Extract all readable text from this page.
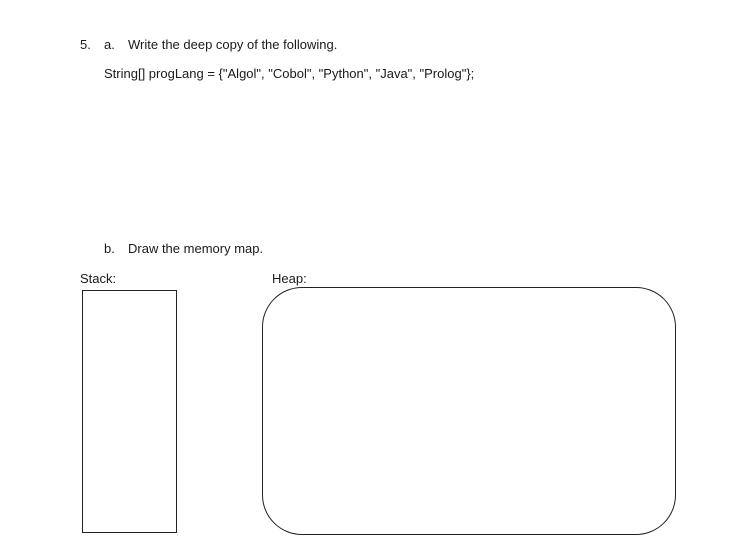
5. a. Write the deep copy of the following.
String[] progLang = {"Algol", "Cobol", "Python", "Java", "Prolog"};
b. Draw the memory map.
Stack:	Heap:
